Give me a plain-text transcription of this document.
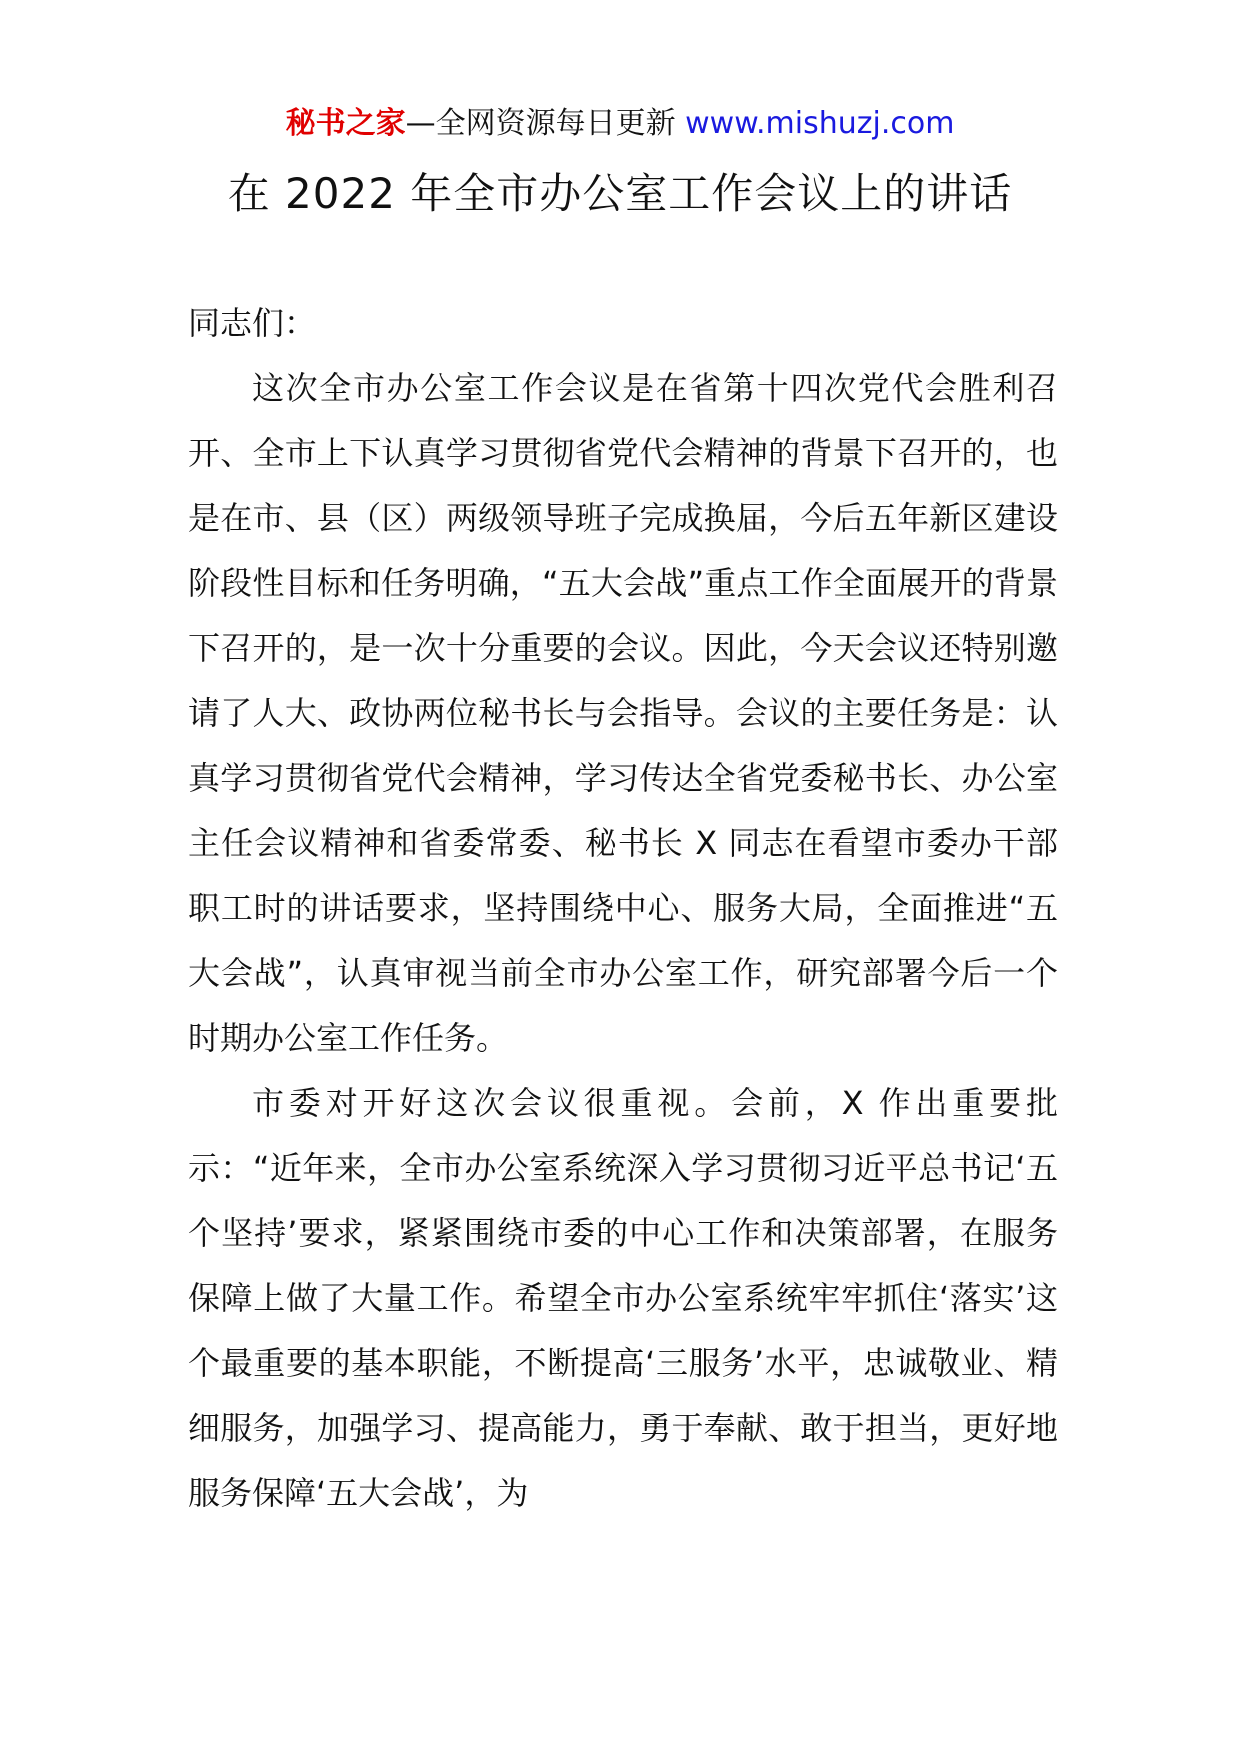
秘书之家—全网资源每日更新 www.mishuzj.com
在 2022 年全市办公室工作会议上的讲话

同志们：

这次全市办公室工作会议是在省第十四次党代会胜利召开、全市上下认真学习贯彻省党代会精神的背景下召开的，也是在市、县（区）两级领导班子完成换届，今后五年新区建设阶段性目标和任务明确，“五大会战”重点工作全面展开的背景下召开的，是一次十分重要的会议。因此，今天会议还特别邀请了人大、政协两位秘书长与会指导。会议的主要任务是：认真学习贯彻省党代会精神，学习传达全省党委秘书长、办公室主任会议精神和省委常委、秘书长 X 同志在看望市委办干部职工时的讲话要求，坚持围绕中心、服务大局，全面推进“五大会战”，认真审视当前全市办公室工作，研究部署今后一个时期办公室工作任务。

市委对开好这次会议很重视。会前，X 作出重要批示：“近年来，全市办公室系统深入学习贯彻习近平总书记‘五个坚持’要求，紧紧围绕市委的中心工作和决策部署，在服务保障上做了大量工作。希望全市办公室系统牢牢抓住‘落实’这个最重要的基本职能，不断提高‘三服务’水平，忠诚敬业、精细服务，加强学习、提高能力，勇于奉献、敢于担当，更好地服务保障‘五大会战’，为
